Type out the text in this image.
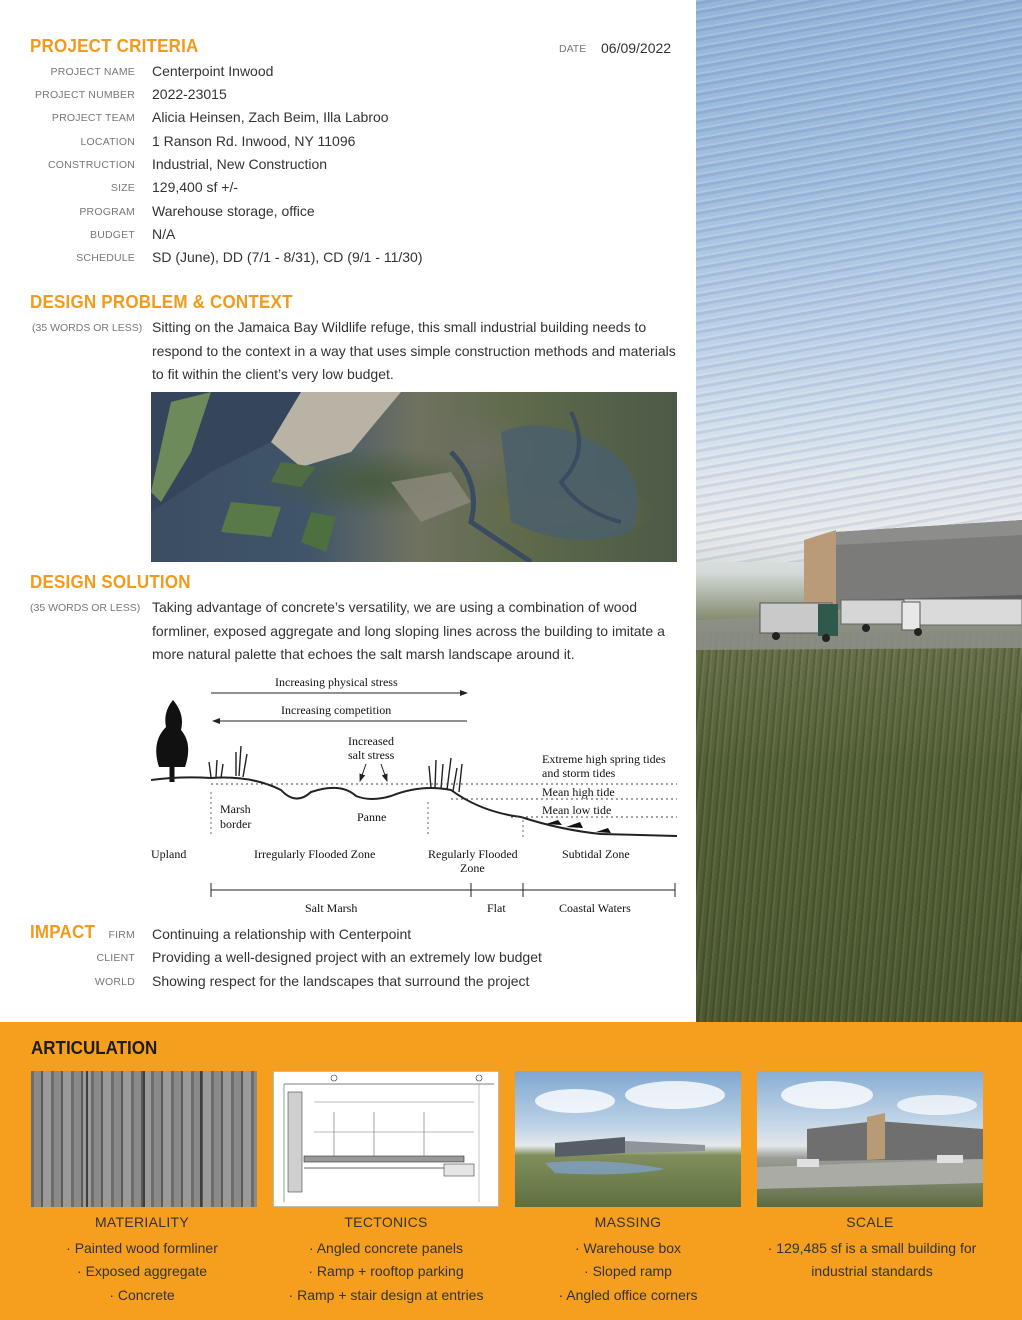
PROJECT CRITERIA	DATE 06/09/2022
PROJECT NAME Centerpoint Inwood
PROJECT NUMBER 2022-23015
PROJECT TEAM Alicia Heinsen, Zach Beim, Illa Labroo
LOCATION 1 Ranson Rd. Inwood, NY 11096
CONSTRUCTION Industrial, New Construction
SIZE 129,400 sf +/-
PROGRAM Warehouse storage, office
BUDGET N/A
SCHEDULE SD (June), DD (7/1 - 8/31), CD (9/1 - 11/30)
DESIGN PROBLEM & CONTEXT
(35 WORDS OR LESS) Sitting on the Jamaica Bay Wildlife refuge, this small industrial building needs to respond to the context in a way that uses simple construction methods and materials to fit within the client’s very low budget.
DESIGN SOLUTION
(35 WORDS OR LESS) Taking advantage of concrete’s versatility, we are using a combination of wood formliner, exposed aggregate and long sloping lines across the building to imitate a more natural palette that echoes the salt marsh landscape around it.
Increasing physical stress
Increasing competition
Increased
salt stress	Extreme high spring tides
and storm tides
Mean high tide
Mean low tide
Marsh
border	Panne
Upland	Irregularly Flooded Zone	Regularly Flooded
Zone
Subtidal Zone
Salt Marsh	Flat	Coastal Waters
IMPACT	FIRM Continuing a relationship with Centerpoint
CLIENT Providing a well-designed project with an extremely low budget
WORLD Showing respect for the landscapes that surround the project
ARTICULATION
MATERIALITY	TECTONICS	MASSING	SCALE
· Painted wood formliner
· Exposed aggregate
· Concrete
· Angled concrete panels
· Ramp + rooftop parking
· Ramp + stair design at entries
· Warehouse box
· Sloped ramp
· Angled office corners
· 129,485 sf is a small building for
industrial standards
